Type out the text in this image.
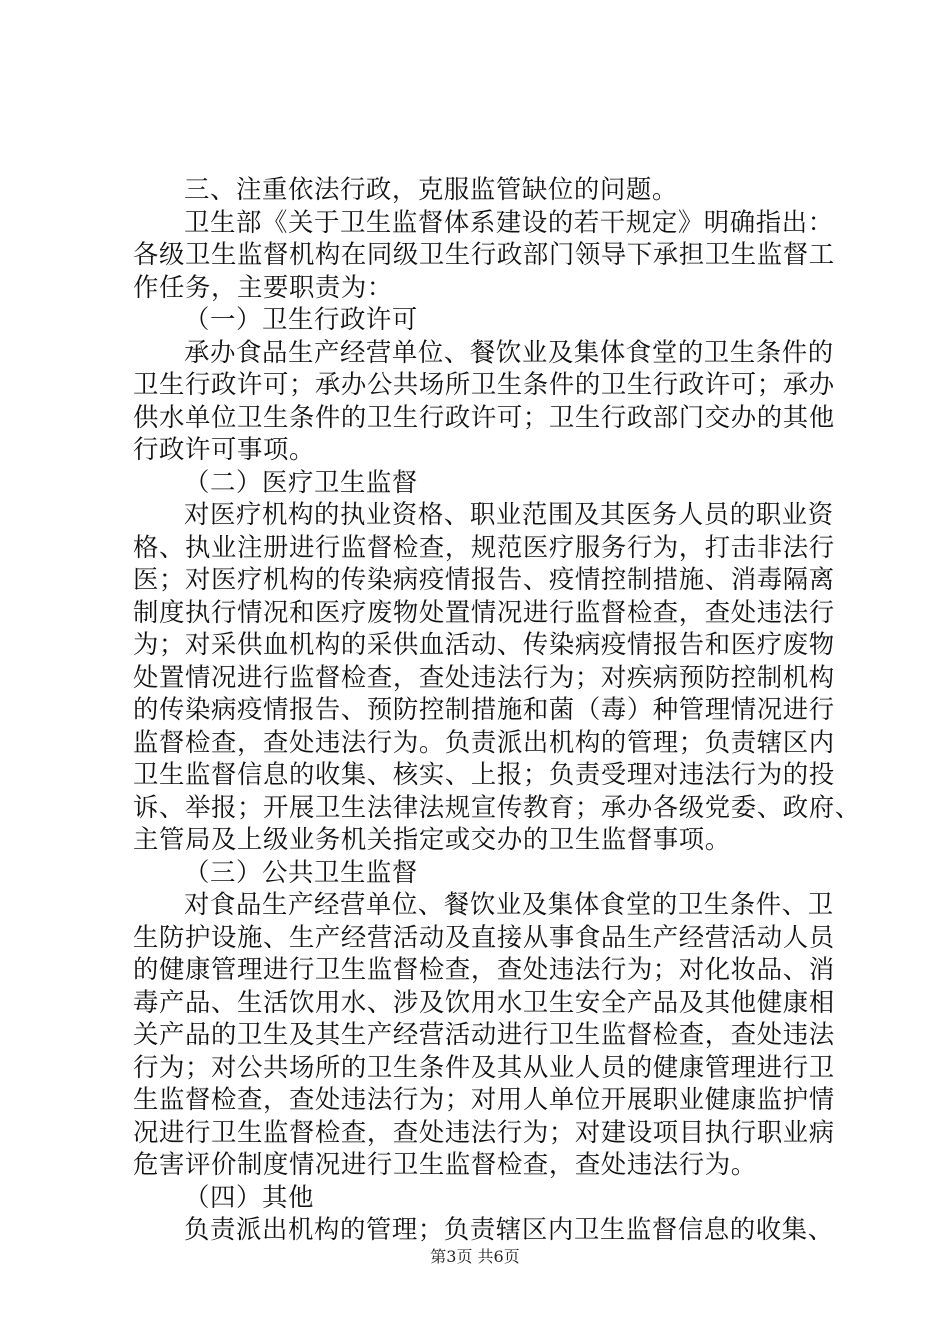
三、注重依法行政，克服监管缺位的问题。
卫生部《关于卫生监督体系建设的若干规定》明确指出：
各级卫生监督机构在同级卫生行政部门领导下承担卫生监督工
作任务，主要职责为：
（一）卫生行政许可
承办食品生产经营单位、餐饮业及集体食堂的卫生条件的
卫生行政许可；承办公共场所卫生条件的卫生行政许可；承办
供水单位卫生条件的卫生行政许可；卫生行政部门交办的其他
行政许可事项。
（二）医疗卫生监督
对医疗机构的执业资格、职业范围及其医务人员的职业资
格、执业注册进行监督检查，规范医疗服务行为，打击非法行
医；对医疗机构的传染病疫情报告、疫情控制措施、消毒隔离
制度执行情况和医疗废物处置情况进行监督检查，查处违法行
为；对采供血机构的采供血活动、传染病疫情报告和医疗废物
处置情况进行监督检查，查处违法行为；对疾病预防控制机构
的传染病疫情报告、预防控制措施和菌（毒）种管理情况进行
监督检查，查处违法行为。负责派出机构的管理；负责辖区内
卫生监督信息的收集、核实、上报；负责受理对违法行为的投
诉、举报；开展卫生法律法规宣传教育；承办各级党委、政府、
主管局及上级业务机关指定或交办的卫生监督事项。
（三）公共卫生监督
对食品生产经营单位、餐饮业及集体食堂的卫生条件、卫
生防护设施、生产经营活动及直接从事食品生产经营活动人员
的健康管理进行卫生监督检查，查处违法行为；对化妆品、消
毒产品、生活饮用水、涉及饮用水卫生安全产品及其他健康相
关产品的卫生及其生产经营活动进行卫生监督检查，查处违法
行为；对公共场所的卫生条件及其从业人员的健康管理进行卫
生监督检查，查处违法行为；对用人单位开展职业健康监护情
况进行卫生监督检查，查处违法行为；对建设项目执行职业病
危害评价制度情况进行卫生监督检查，查处违法行为。
（四）其他
负责派出机构的管理；负责辖区内卫生监督信息的收集、
第3页 共6页
